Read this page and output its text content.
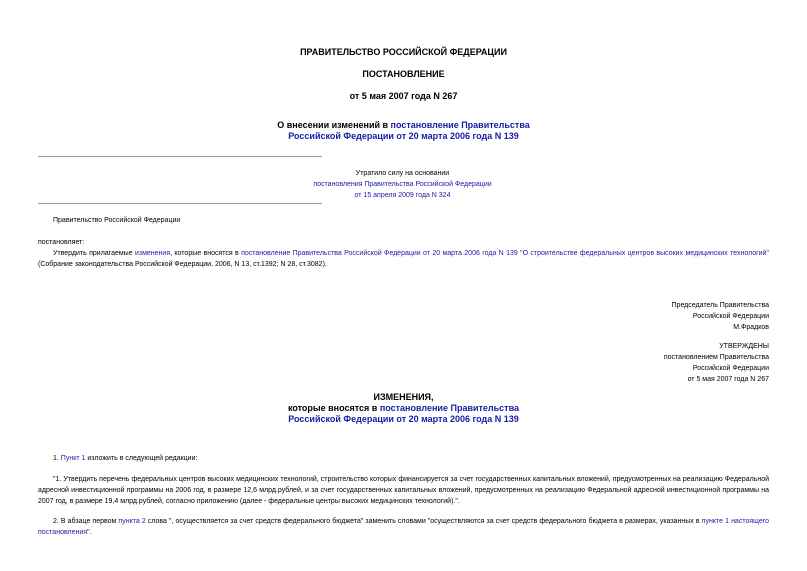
ПРАВИТЕЛЬСТВО РОССИЙСКОЙ ФЕДЕРАЦИИ
ПОСТАНОВЛЕНИЕ
от 5 мая 2007 года N 267
О внесении изменений в постановление Правительства
Российской Федерации от 20 марта 2006 года N 139
Утратило силу на основании
постановления Правительства Российской Федерации
от 15 апреля 2009 года N 324
Правительство Российской Федерации
постановляет:
Утвердить прилагаемые изменения, которые вносятся в постановление Правительства Российской Федерации от 20 марта 2006 года N 139 "О строительстве федеральных центров высоких медицинских технологий" (Собрание законодательства Российской Федерации, 2006, N 13, ст.1392; N 28, ст.3082).
Председатель Правительства
Российской Федерации
М.Фрадков
УТВЕРЖДЕНЫ
постановлением Правительства
Российской Федерации
от 5 мая 2007 года N 267
ИЗМЕНЕНИЯ,
которые вносятся в постановление Правительства
Российской Федерации от 20 марта 2006 года N 139
1. Пункт 1 изложить в следующей редакции:
"1. Утвердить перечень федеральных центров высоких медицинских технологий, строительство которых финансируется за счет государственных капитальных вложений, предусмотренных на реализацию Федеральной адресной инвестиционной программы на 2006 год, в размере 12,6 млрд.рублей, и за счет государственных капитальных вложений, предусмотренных на реализацию Федеральной адресной инвестиционной программы на 2007 год, в размере 19,4 млрд.рублей, согласно приложению (далее - федеральные центры высоких медицинских технологий).".
2. В абзаце первом пункта 2 слова ", осуществляется за счет средств федерального бюджета" заменить словами "осуществляются за счет средств федерального бюджета в размерах, указанных в пункте 1 настоящего постановления".
